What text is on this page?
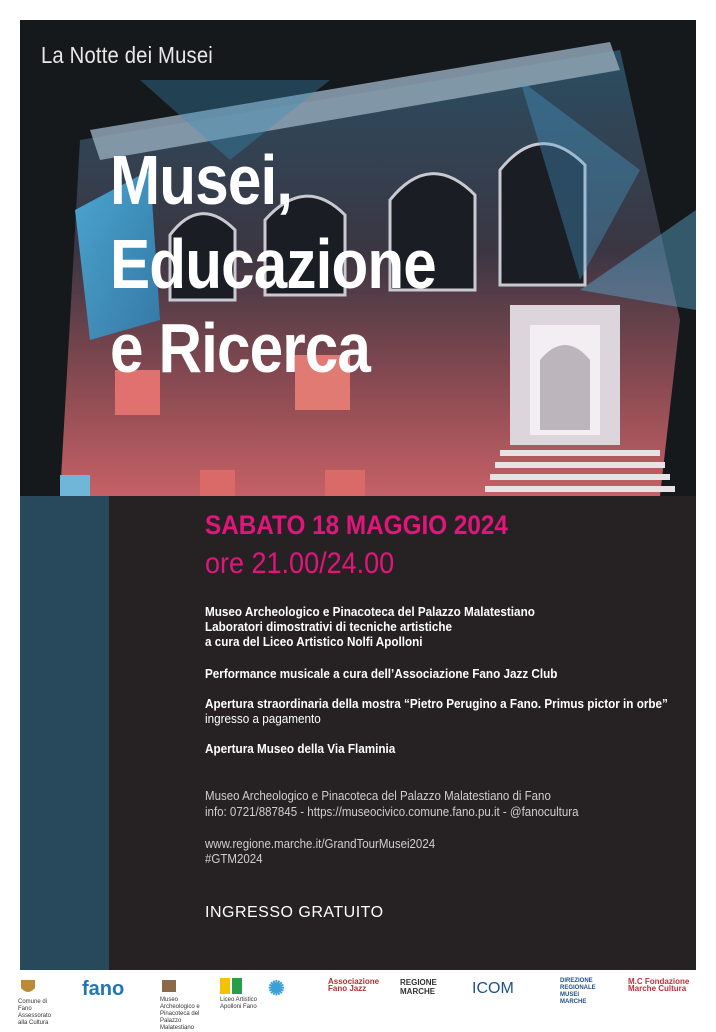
La Notte dei Musei
Musei,
Educazione
e Ricerca
SABATO 18 MAGGIO 2024
ore 21.00/24.00
Museo Archeologico e Pinacoteca del Palazzo Malatestiano
Laboratori dimostrativi di tecniche artistiche
a cura del Liceo Artistico Nolfi Apolloni
Performance musicale a cura dell’Associazione Fano Jazz Club
Apertura straordinaria della mostra “Pietro Perugino a Fano. Primus pictor in orbe”
ingresso a pagamento
Apertura Museo della Via Flaminia
Museo Archeologico e Pinacoteca del Palazzo Malatestiano di Fano
info: 0721/887845 - https://museocivico.comune.fano.pu.it - @fanocultura
www.regione.marche.it/GrandTourMusei2024
#GTM2024
INGRESSO GRATUITO
Comune di Fano
Assessorato alla Cultura
fano	Museo Archeologico e Pinacoteca del Palazzo Malatestiano
Liceo Artistico Apolloni Fano
✺	Associazione Fano Jazz
REGIONE MARCHE	ICOM	DIREZIONE REGIONALE MUSEI MARCHE
M.C Fondazione Marche Cultura
